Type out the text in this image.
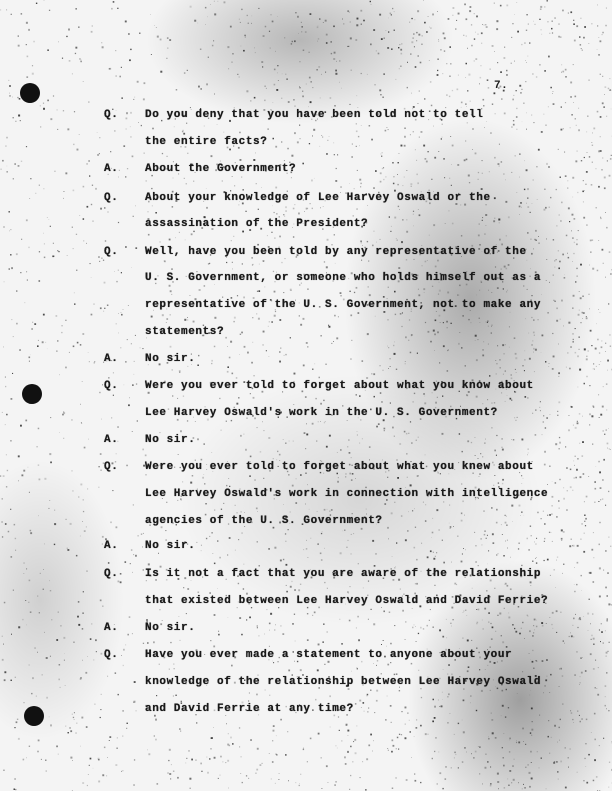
7.
Q. Do you deny that you have been told not to tell
the entire facts?
A. About the Government?
Q. About your knowledge of Lee Harvey Oswald or the
assassination of the President?
Q. Well, have you been told by any representative of the
U. S. Government, or someone who holds himself out as a
representative of the U. S. Government, not to make any
statements?
A. No sir.
Q. Were you ever told to forget about what you know about
Lee Harvey Oswald's work in the U. S. Government?
A. No sir.
Q. Were you ever told to forget about what you knew about
Lee Harvey Oswald's work in connection with intelligence
agencies of the U. S. Government?
A. No sir.
Q. Is it not a fact that you are aware of the relationship
that existed between Lee Harvey Oswald and David Ferrie?
A. No sir.
Q. Have you ever made a statement to anyone about your
knowledge of the relationship between Lee Harvey Oswald
and David Ferrie at any time?
